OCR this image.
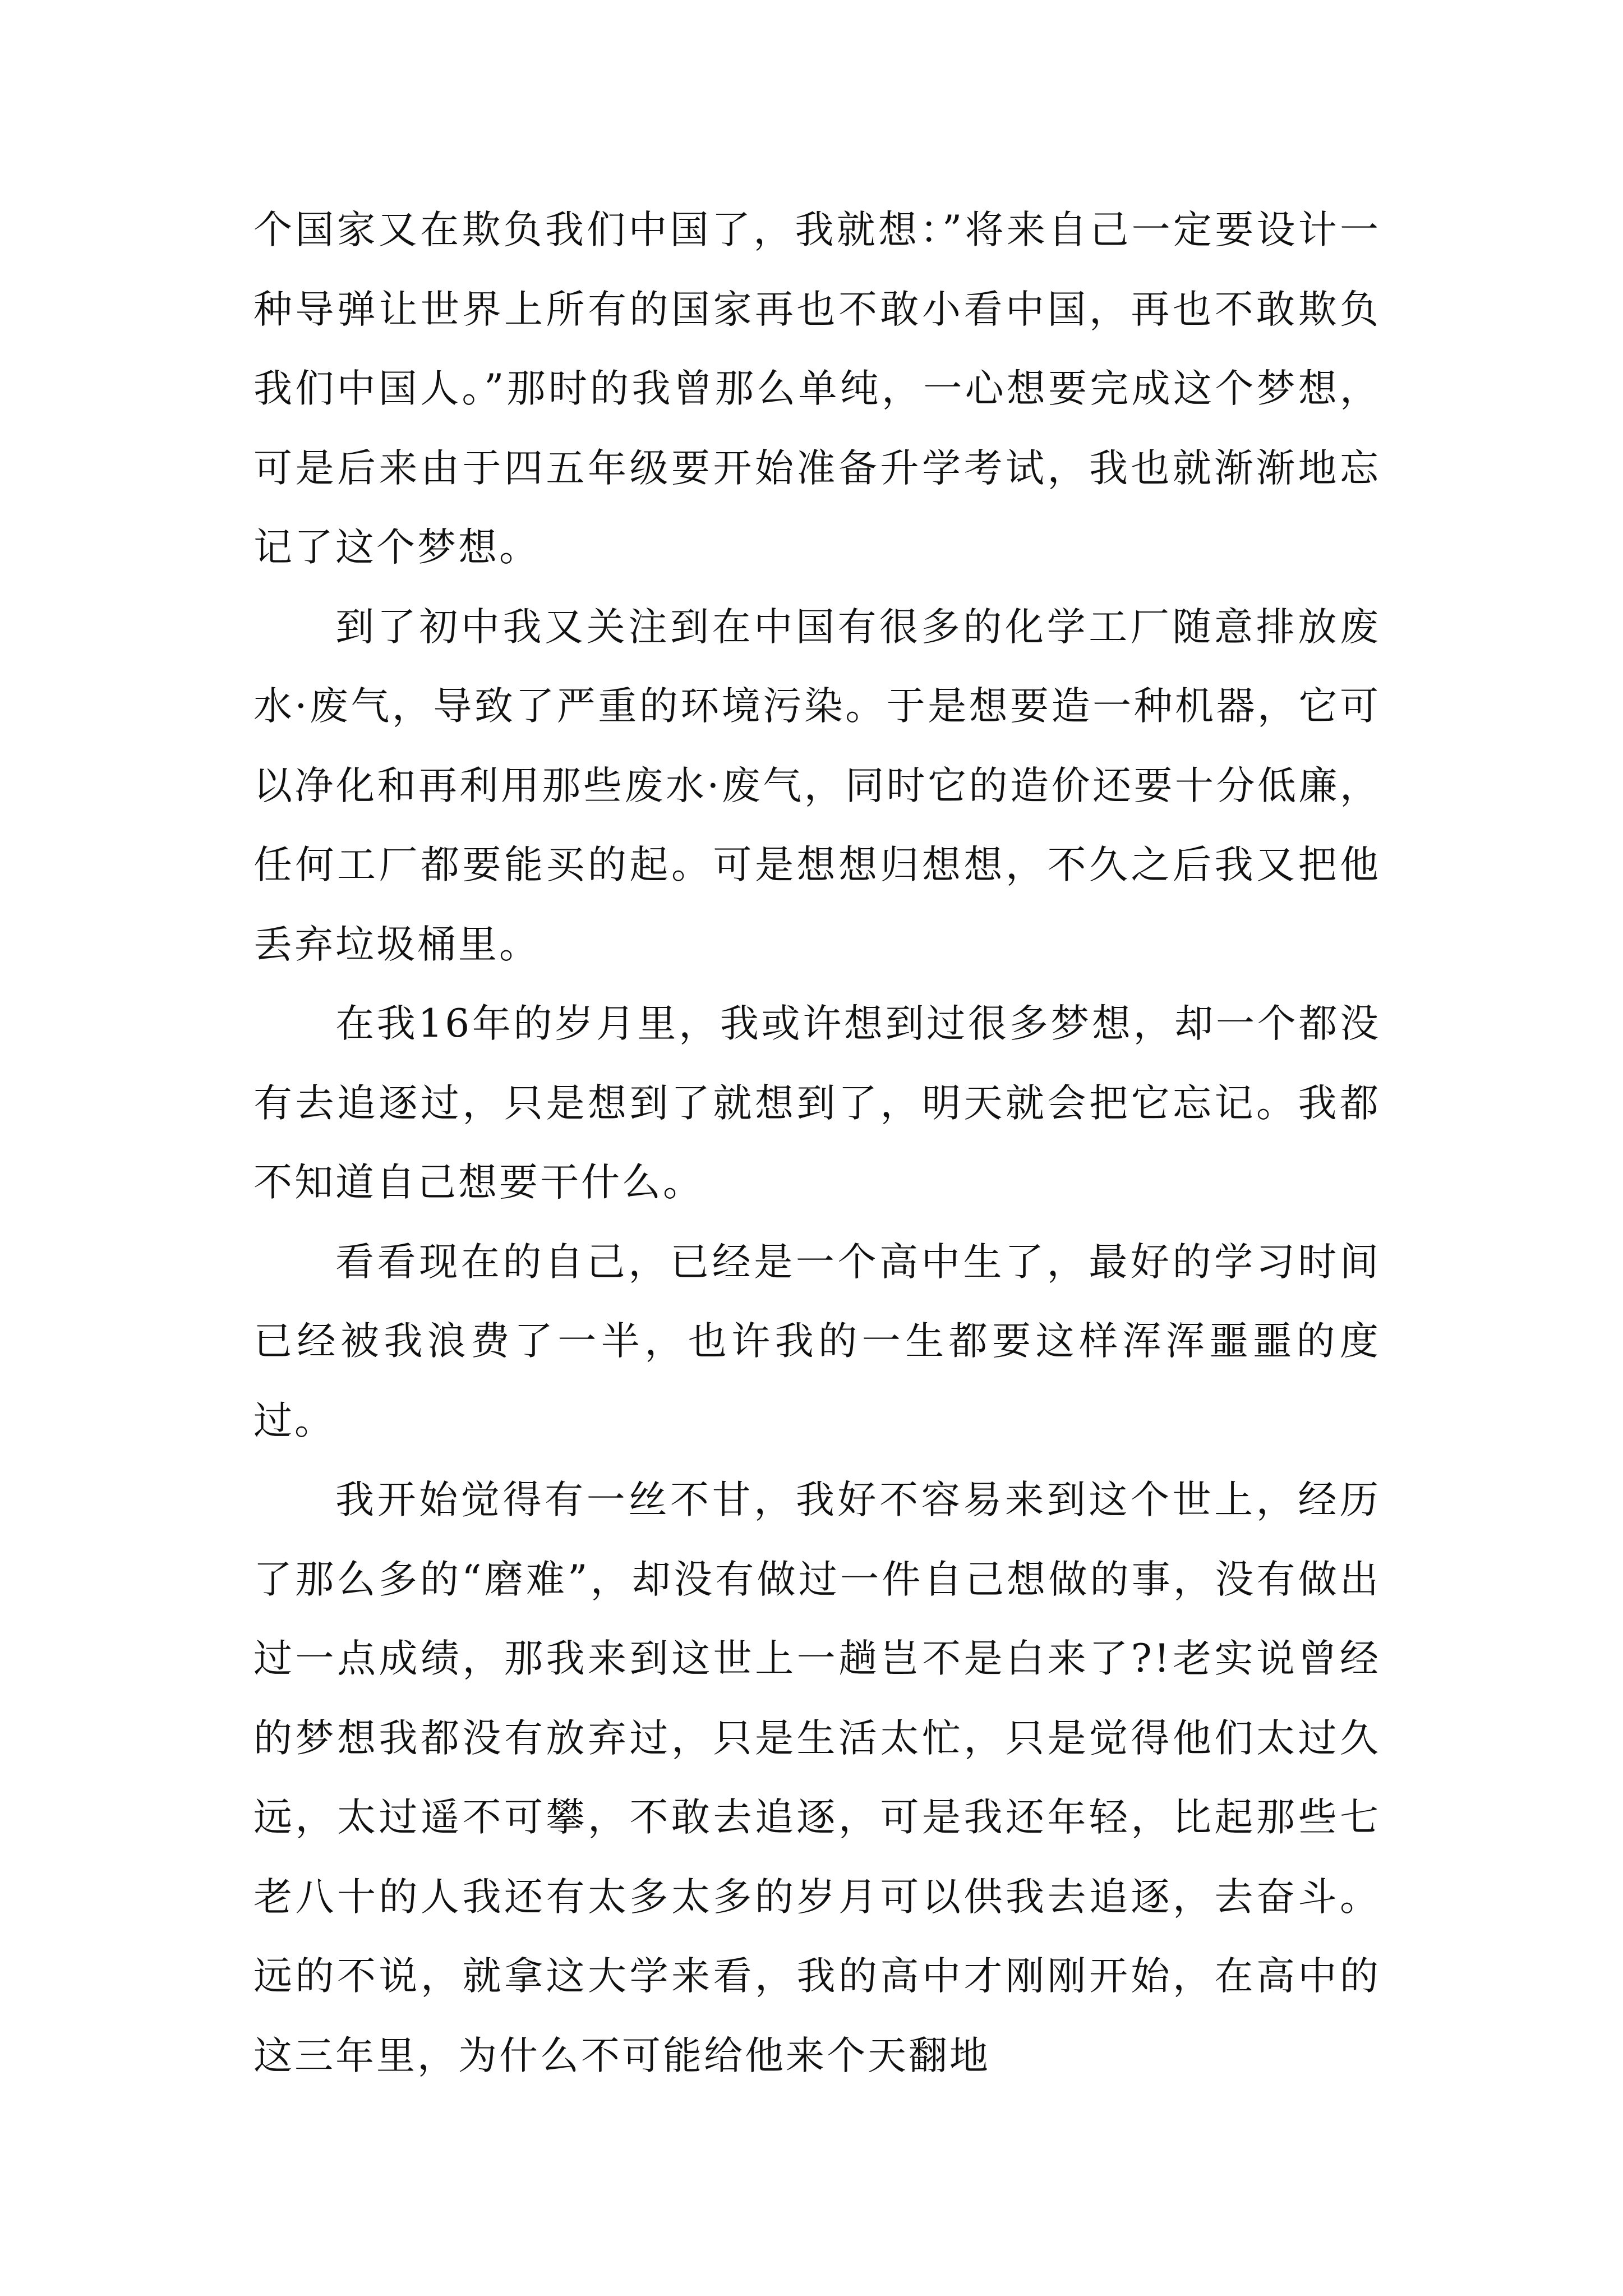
个国家又在欺负我们中国了，我就想：”将来自己一定要设计一种导弹让世界上所有的国家再也不敢小看中国，再也不敢欺负我们中国人。”那时的我曾那么单纯，一心想要完成这个梦想，可是后来由于四五年级要开始准备升学考试，我也就渐渐地忘记了这个梦想。

到了初中我又关注到在中国有很多的化学工厂随意排放废水·废气，导致了严重的环境污染。于是想要造一种机器，它可以净化和再利用那些废水·废气，同时它的造价还要十分低廉，任何工厂都要能买的起。可是想想归想想，不久之后我又把他丢弃垃圾桶里。

在我16年的岁月里，我或许想到过很多梦想，却一个都没有去追逐过，只是想到了就想到了，明天就会把它忘记。我都不知道自己想要干什么。

看看现在的自己，已经是一个高中生了，最好的学习时间已经被我浪费了一半，也许我的一生都要这样浑浑噩噩的度过。

我开始觉得有一丝不甘，我好不容易来到这个世上，经历了那么多的“磨难”，却没有做过一件自己想做的事，没有做出过一点成绩，那我来到这世上一趟岂不是白来了?!老实说曾经的梦想我都没有放弃过，只是生活太忙，只是觉得他们太过久远，太过遥不可攀，不敢去追逐，可是我还年轻，比起那些七老八十的人我还有太多太多的岁月可以供我去追逐，去奋斗。远的不说，就拿这大学来看，我的高中才刚刚开始，在高中的这三年里，为什么不可能给他来个天翻地
